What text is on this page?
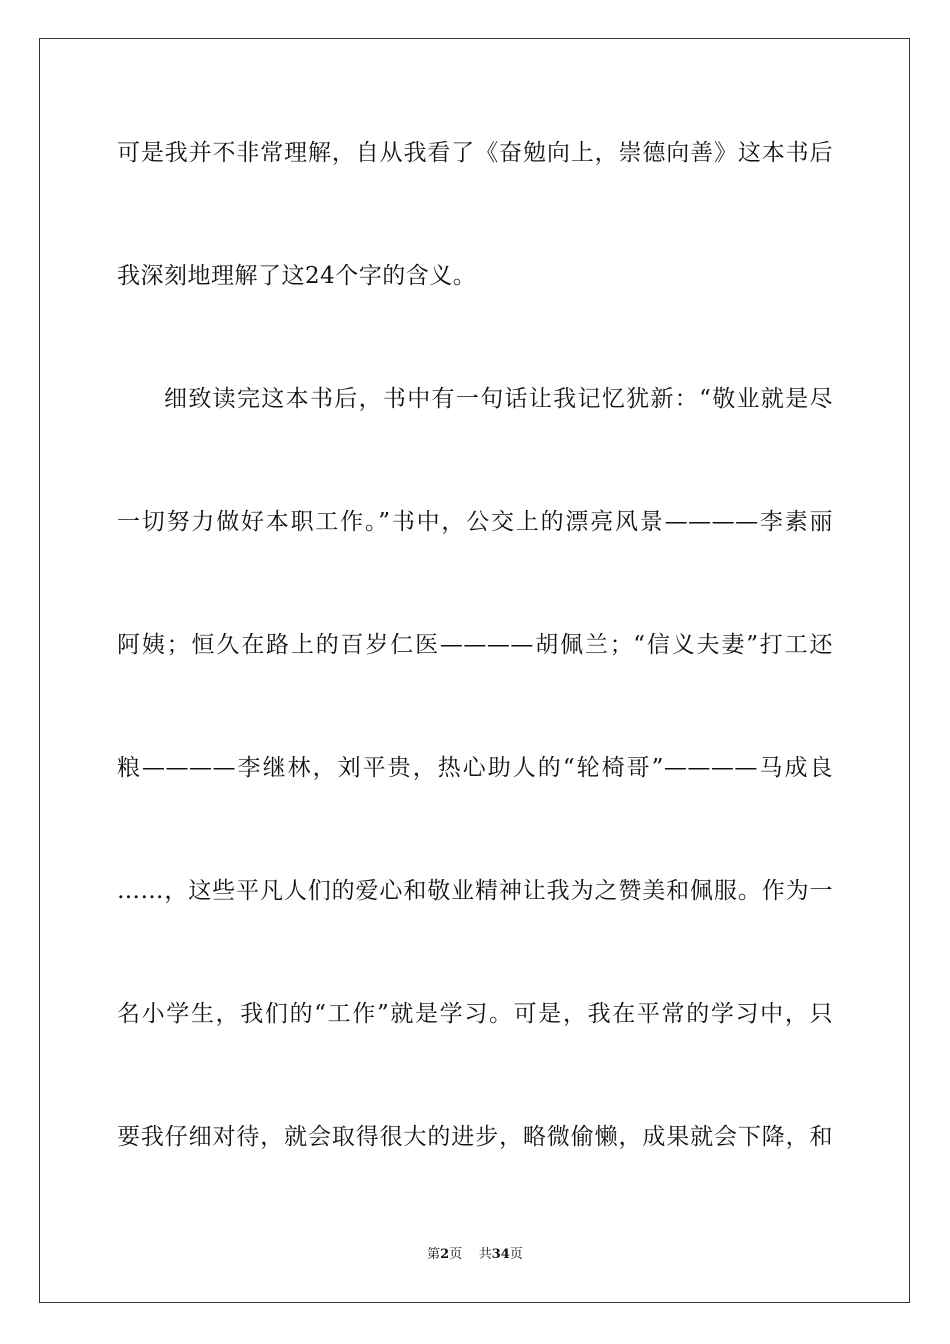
可是我并不非常理解，自从我看了《奋勉向上，崇德向善》这本书后
我深刻地理解了这24个字的含义。
细致读完这本书后，书中有一句话让我记忆犹新：“敬业就是尽
一切努力做好本职工作。”书中，公交上的漂亮风景————李素丽
阿姨；恒久在路上的百岁仁医————胡佩兰；“信义夫妻”打工还
粮————李继林，刘平贵，热心助人的“轮椅哥”————马成良
……，这些平凡人们的爱心和敬业精神让我为之赞美和佩服。作为一
名小学生，我们的“工作”就是学习。可是，我在平常的学习中，只
要我仔细对待，就会取得很大的进步，略微偷懒，成果就会下降，和
第2页 共34页
